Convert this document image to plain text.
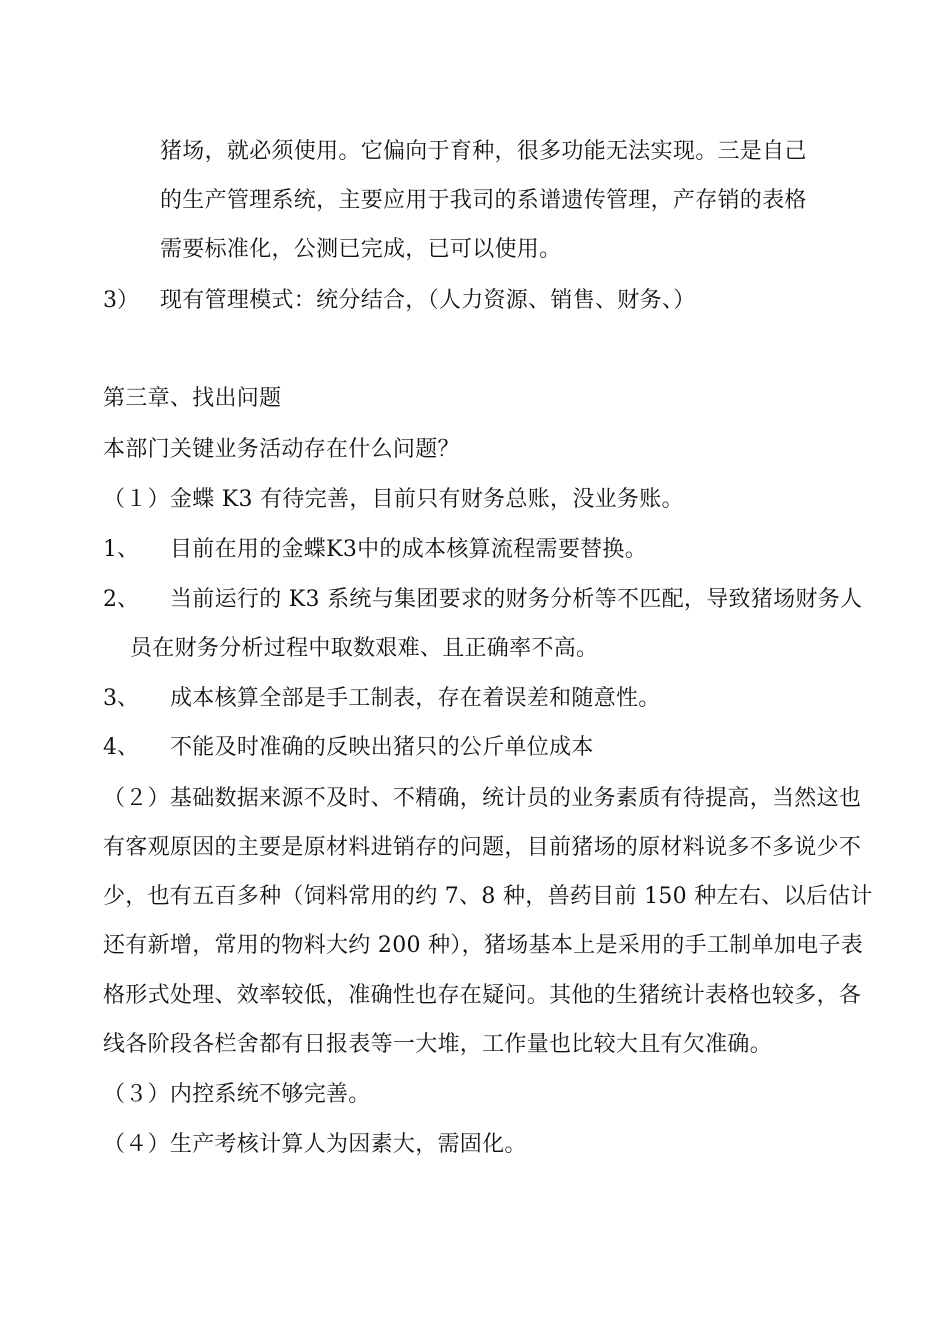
猪场，就必须使用。它偏向于育种，很多功能无法实现。三是自己
的生产管理系统，主要应用于我司的系谱遗传管理，产存销的表格
需要标准化，公测已完成，已可以使用。
3） 现有管理模式：统分结合，（人力资源、销售、财务、）
第三章、找出问题
本部门关键业务活动存在什么问题？
（１）金蝶 K3 有待完善，目前只有财务总账，没业务账。
1、 目前在用的金蝶K3中的成本核算流程需要替换。
2、 当前运行的 K3 系统与集团要求的财务分析等不匹配，导致猪场财务人
员在财务分析过程中取数艰难、且正确率不高。
3、 成本核算全部是手工制表，存在着误差和随意性。
4、 不能及时准确的反映出猪只的公斤单位成本
（２）基础数据来源不及时、不精确，统计员的业务素质有待提高，当然这也
有客观原因的主要是原材料进销存的问题，目前猪场的原材料说多不多说少不
少，也有五百多种（饲料常用的约 7、8 种，兽药目前 150 种左右、以后估计
还有新增，常用的物料大约 200 种），猪场基本上是采用的手工制单加电子表
格形式处理、效率较低，准确性也存在疑问。其他的生猪统计表格也较多，各
线各阶段各栏舍都有日报表等一大堆，工作量也比较大且有欠准确。
（３）内控系统不够完善。
（４）生产考核计算人为因素大，需固化。
